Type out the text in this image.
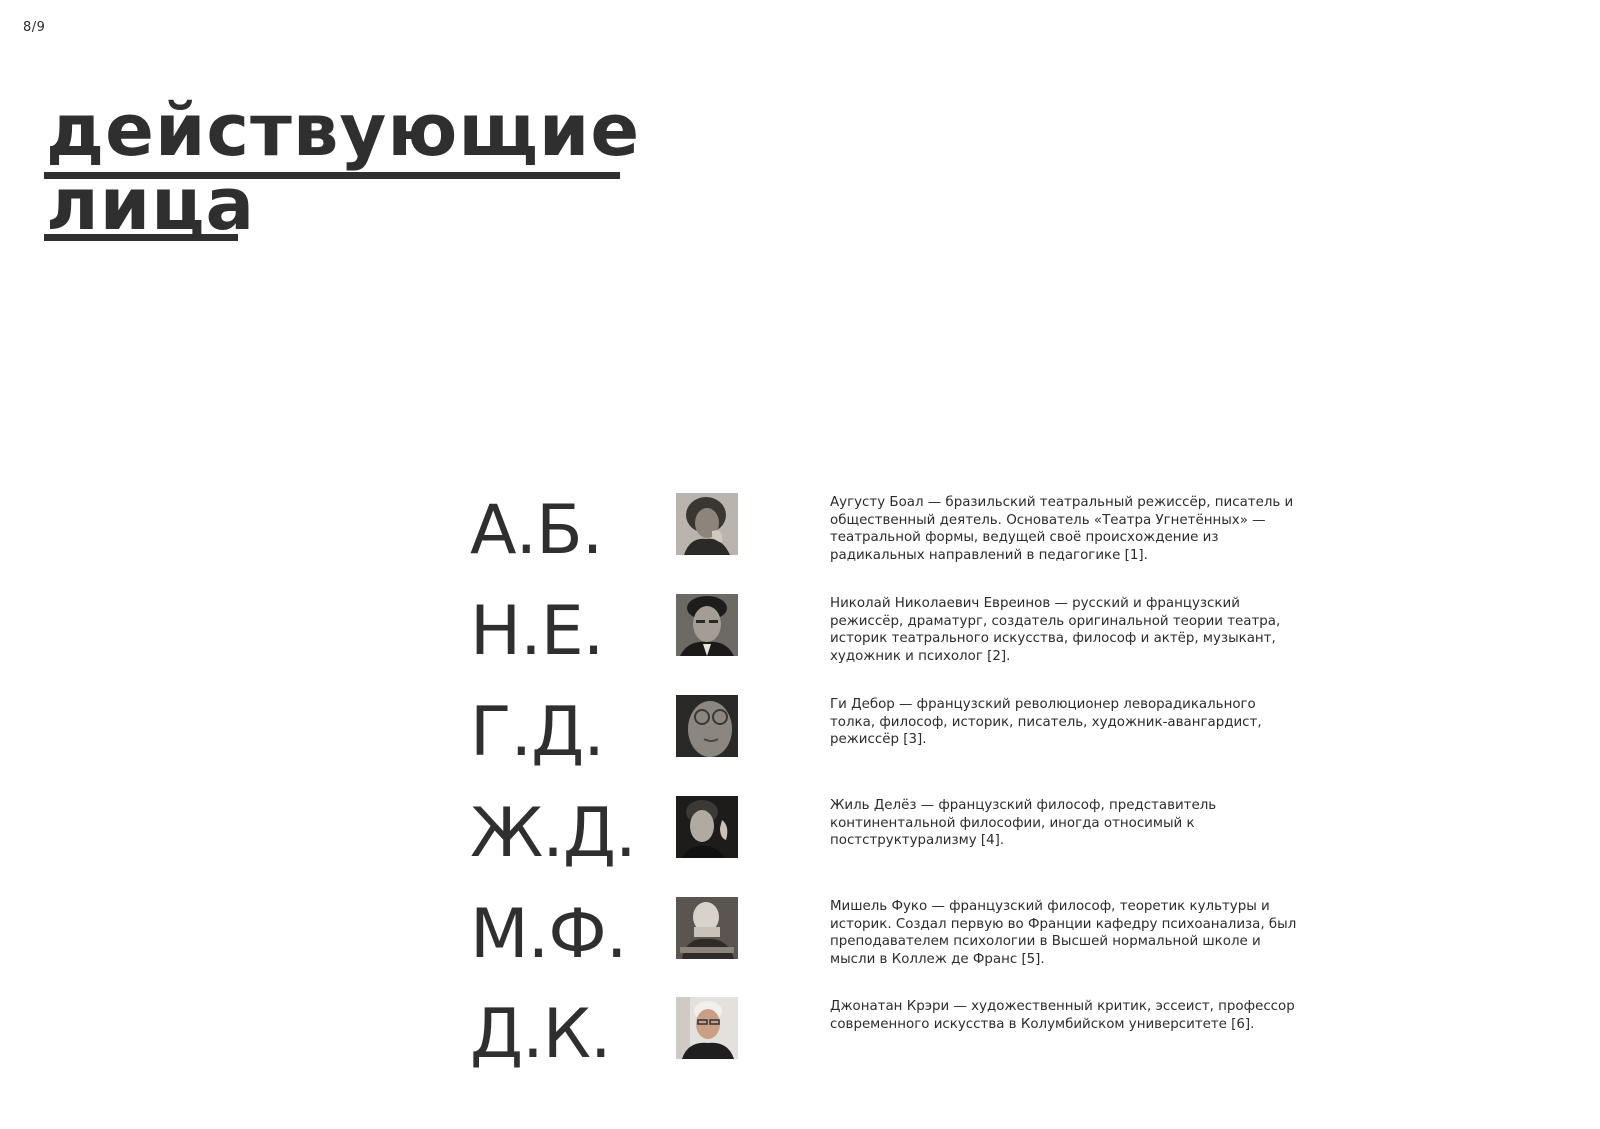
8/9
действующие
лица
А.Б.	Аугусту Боал — бразильский театральный режиссёр, писатель и общественный деятель. Основатель «Театра Угнетённых» — театральной формы, ведущей своё происхождение из радикальных направлений в педагогике [1].
Н.Е.	Николай Николаевич Евреинов — русский и французский режиссёр, драматург, создатель оригинальной теории театра, историк театрального искусства, философ и актёр, музыкант, художник и психолог [2].
Г.Д.	Ги Дебор — французский революционер леворадикального толка, философ, историк, писатель, художник-авангардист, режиссёр [3].
Ж.Д.	Жиль Делёз — французский философ, представитель континентальной философии, иногда относимый к постструктурализму [4].
М.Ф.	Мишель Фуко — французский философ, теоретик культуры и историк. Создал первую во Франции кафедру психоанализа, был преподавателем психологии в Высшей нормальной школе и мысли в Коллеж де Франс [5].
Д.К.	Джонатан Крэри — художественный критик, эссеист, профессор современного искусства в Колумбийском университете [6].
